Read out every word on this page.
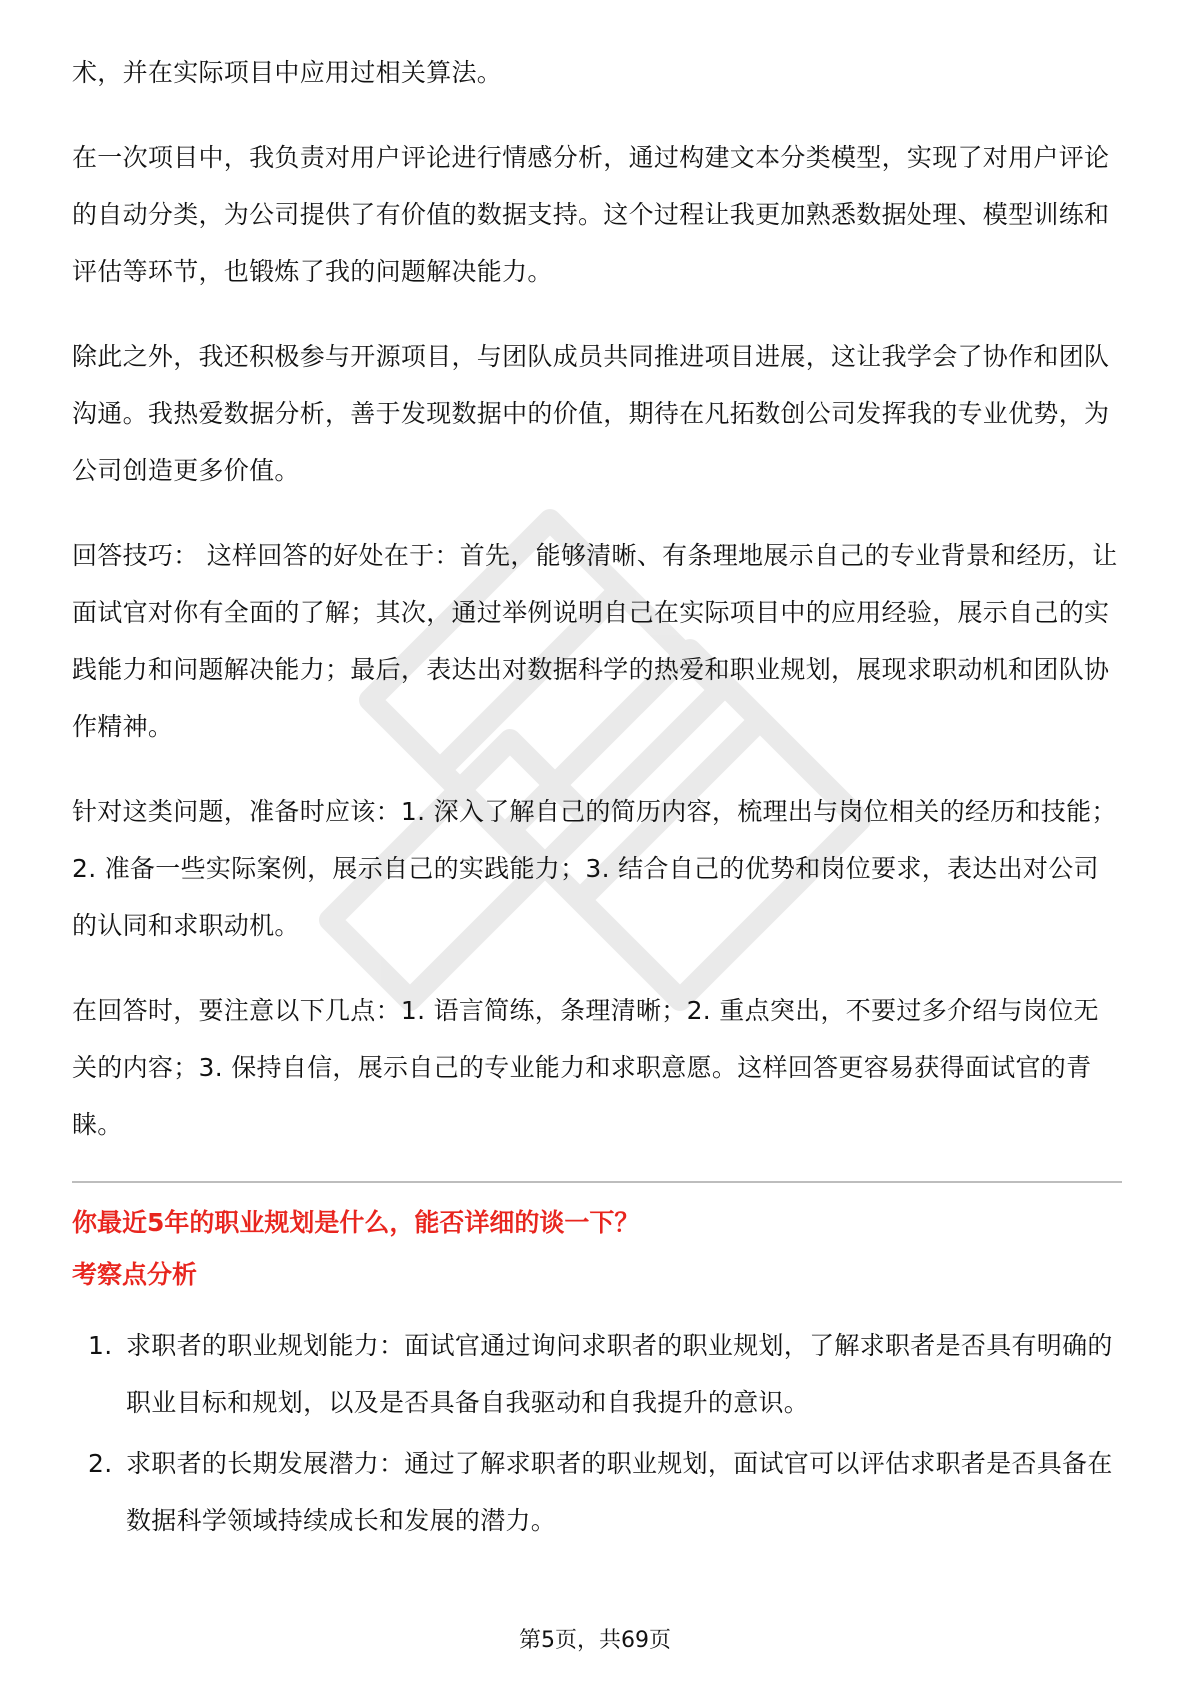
术，并在实际项目中应用过相关算法。

在一次项目中，我负责对用户评论进行情感分析，通过构建文本分类模型，实现了对用户评论的自动分类，为公司提供了有价值的数据支持。这个过程让我更加熟悉数据处理、模型训练和评估等环节，也锻炼了我的问题解决能力。

除此之外，我还积极参与开源项目，与团队成员共同推进项目进展，这让我学会了协作和团队沟通。我热爱数据分析，善于发现数据中的价值，期待在凡拓数创公司发挥我的专业优势，为公司创造更多价值。

回答技巧： 这样回答的好处在于：首先，能够清晰、有条理地展示自己的专业背景和经历，让面试官对你有全面的了解；其次，通过举例说明自己在实际项目中的应用经验，展示自己的实践能力和问题解决能力；最后，表达出对数据科学的热爱和职业规划，展现求职动机和团队协作精神。

针对这类问题，准备时应该：1. 深入了解自己的简历内容，梳理出与岗位相关的经历和技能；2. 准备一些实际案例，展示自己的实践能力；3. 结合自己的优势和岗位要求，表达出对公司的认同和求职动机。

在回答时，要注意以下几点：1. 语言简练，条理清晰；2. 重点突出，不要过多介绍与岗位无关的内容；3. 保持自信，展示自己的专业能力和求职意愿。这样回答更容易获得面试官的青睐。

你最近5年的职业规划是什么，能否详细的谈一下？
考察点分析
1. 求职者的职业规划能力：面试官通过询问求职者的职业规划，了解求职者是否具有明确的职业目标和规划，以及是否具备自我驱动和自我提升的意识。
2. 求职者的长期发展潜力：通过了解求职者的职业规划，面试官可以评估求职者是否具备在数据科学领域持续成长和发展的潜力。
第5页，共69页
